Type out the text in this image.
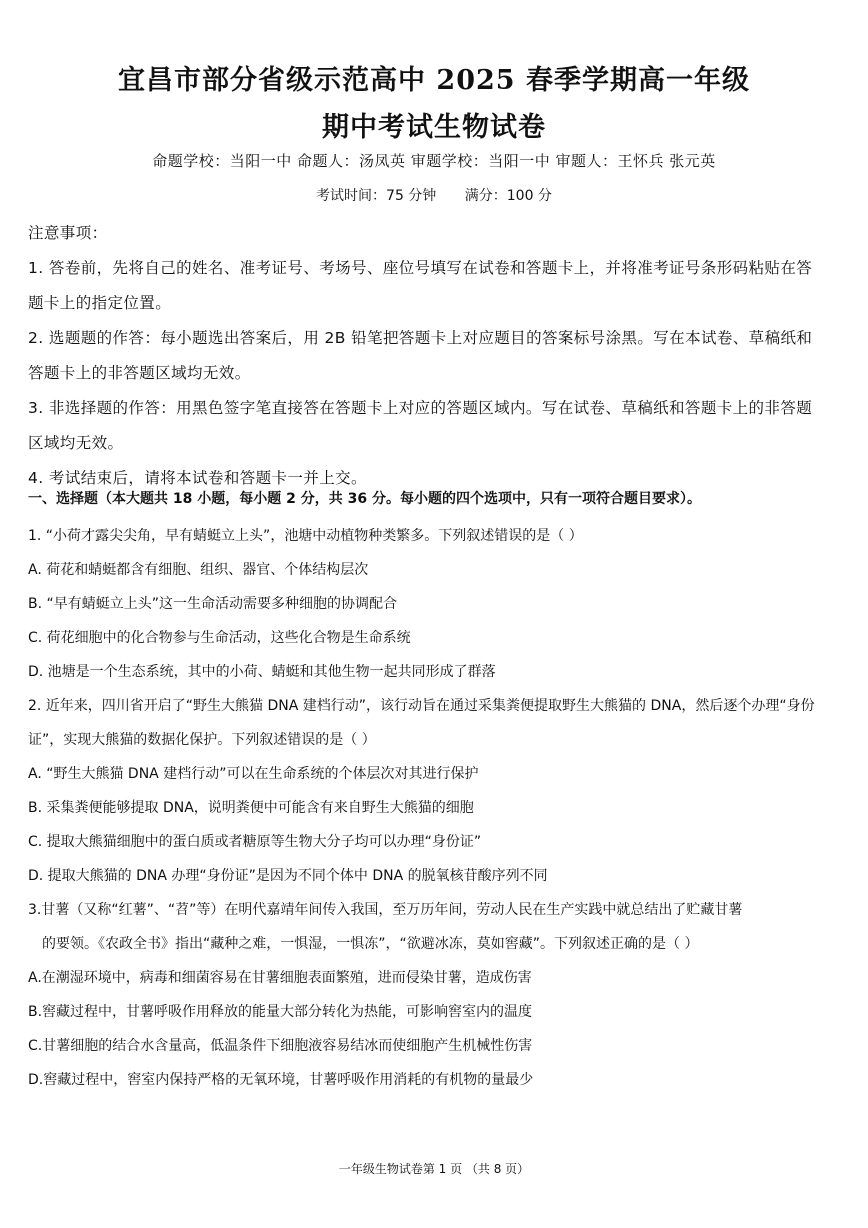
宜昌市部分省级示范高中 2025 春季学期高一年级
期中考试生物试卷
命题学校：当阳一中 命题人：汤凤英 审题学校：当阳一中 审题人：王怀兵 张元英
考试时间：75 分钟 满分：100 分

注意事项：

1. 答卷前，先将自己的姓名、准考证号、考场号、座位号填写在试卷和答题卡上，并将准考证号条形码粘贴在答题卡上的指定位置。

2. 选题题的作答：每小题选出答案后，用 2B 铅笔把答题卡上对应题目的答案标号涂黑。写在本试卷、草稿纸和答题卡上的非答题区域均无效。

3. 非选择题的作答：用黑色签字笔直接答在答题卡上对应的答题区域内。写在试卷、草稿纸和答题卡上的非答题区域均无效。

4. 考试结束后，请将本试卷和答题卡一并上交。

一、选择题（本大题共 18 小题，每小题 2 分，共 36 分。每小题的四个选项中，只有一项符合题目要求）。

1. “小荷才露尖尖角，早有蜻蜓立上头”，池塘中动植物种类繁多。下列叙述错误的是（ ）

A. 荷花和蜻蜓都含有细胞、组织、器官、个体结构层次

B. “早有蜻蜓立上头”这一生命活动需要多种细胞的协调配合

C. 荷花细胞中的化合物参与生命活动，这些化合物是生命系统

D. 池塘是一个生态系统，其中的小荷、蜻蜓和其他生物一起共同形成了群落

2. 近年来，四川省开启了“野生大熊猫 DNA 建档行动”，该行动旨在通过采集粪便提取野生大熊猫的 DNA，然后逐个办理“身份证”，实现大熊猫的数据化保护。下列叙述错误的是（ ）

A. “野生大熊猫 DNA 建档行动”可以在生命系统的个体层次对其进行保护

B. 采集粪便能够提取 DNA，说明粪便中可能含有来自野生大熊猫的细胞

C. 提取大熊猫细胞中的蛋白质或者糖原等生物大分子均可以办理“身份证”

D. 提取大熊猫的 DNA 办理“身份证”是因为不同个体中 DNA 的脱氧核苷酸序列不同

3.甘薯（又称“红薯”、“苕”等）在明代嘉靖年间传入我国，至万历年间，劳动人民在生产实践中就总结出了贮藏甘薯

的要领。《农政全书》指出“藏种之难，一惧湿，一惧冻”，“欲避冰冻，莫如窖藏”。下列叙述正确的是（ ）

A.在潮湿环境中，病毒和细菌容易在甘薯细胞表面繁殖，进而侵染甘薯，造成伤害

B.窖藏过程中，甘薯呼吸作用释放的能量大部分转化为热能，可影响窖室内的温度

C.甘薯细胞的结合水含量高，低温条件下细胞液容易结冰而使细胞产生机械性伤害

D.窖藏过程中，窖室内保持严格的无氧环境，甘薯呼吸作用消耗的有机物的量最少

一年级生物试卷第 1 页 （共 8 页）
